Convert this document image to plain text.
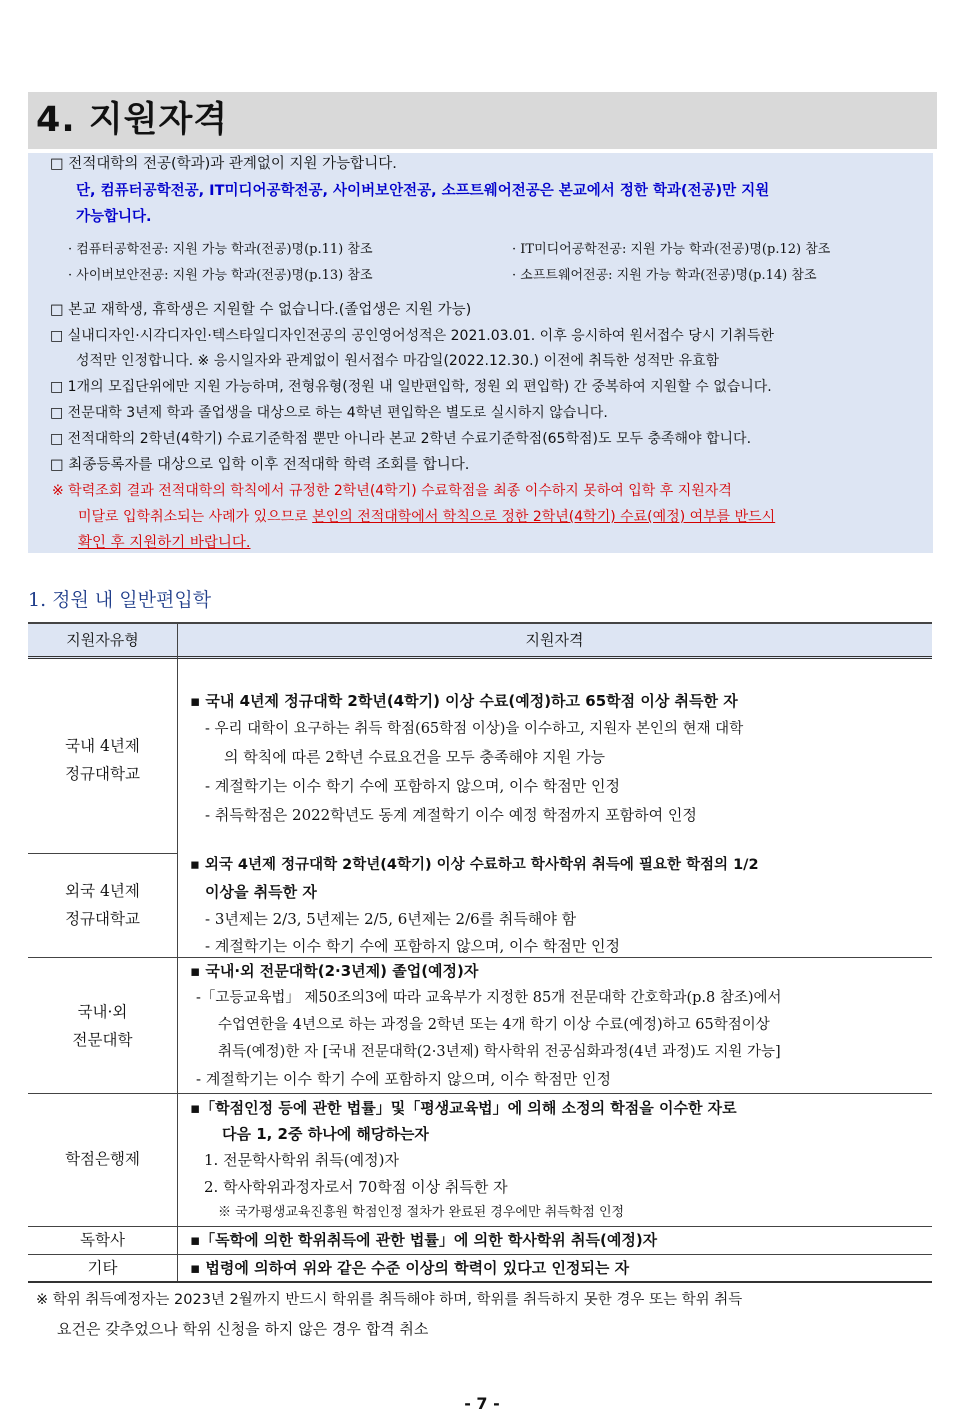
4. 지원자격
□ 전적대학의 전공(학과)과 관계없이 지원 가능합니다.
단, 컴퓨터공학전공, IT미디어공학전공, 사이버보안전공, 소프트웨어전공은 본교에서 정한 학과(전공)만 지원
가능합니다.
· 컴퓨터공학전공: 지원 가능 학과(전공)명(p.11) 참조	· IT미디어공학전공: 지원 가능 학과(전공)명(p.12) 참조
· 사이버보안전공: 지원 가능 학과(전공)명(p.13) 참조	· 소프트웨어전공: 지원 가능 학과(전공)명(p.14) 참조
□ 본교 재학생, 휴학생은 지원할 수 없습니다.(졸업생은 지원 가능)
□ 실내디자인·시각디자인·텍스타일디자인전공의 공인영어성적은 2021.03.01. 이후 응시하여 원서접수 당시 기취득한
성적만 인정합니다. ※ 응시일자와 관계없이 원서접수 마감일(2022.12.30.) 이전에 취득한 성적만 유효함
□ 1개의 모집단위에만 지원 가능하며, 전형유형(정원 내 일반편입학, 정원 외 편입학) 간 중복하여 지원할 수 없습니다.
□ 전문대학 3년제 학과 졸업생을 대상으로 하는 4학년 편입학은 별도로 실시하지 않습니다.
□ 전적대학의 2학년(4학기) 수료기준학점 뿐만 아니라 본교 2학년 수료기준학점(65학점)도 모두 충족해야 합니다.
□ 최종등록자를 대상으로 입학 이후 전적대학 학력 조회를 합니다.
※ 학력조회 결과 전적대학의 학칙에서 규정한 2학년(4학기) 수료학점을 최종 이수하지 못하여 입학 후 지원자격
미달로 입학취소되는 사례가 있으므로 본인의 전적대학에서 학칙으로 정한 2학년(4학기) 수료(예정) 여부를 반드시
확인 후 지원하기 바랍니다.
1. 정원 내 일반편입학
지원자유형	지원자격
국내 4년제
정규대학교
▪ 국내 4년제 정규대학 2학년(4학기) 이상 수료(예정)하고 65학점 이상 취득한 자
- 우리 대학이 요구하는 취득 학점(65학점 이상)을 이수하고, 지원자 본인의 현재 대학
의 학칙에 따른 2학년 수료요건을 모두 충족해야 지원 가능
- 계절학기는 이수 학기 수에 포함하지 않으며, 이수 학점만 인정
- 취득학점은 2022학년도 동계 계절학기 이수 예정 학점까지 포함하여 인정
외국 4년제
정규대학교
▪ 외국 4년제 정규대학 2학년(4학기) 이상 수료하고 학사학위 취득에 필요한 학점의 1/2
이상을 취득한 자
- 3년제는 2/3, 5년제는 2/5, 6년제는 2/6를 취득해야 함
- 계절학기는 이수 학기 수에 포함하지 않으며, 이수 학점만 인정
국내·외
전문대학
▪ 국내·외 전문대학(2·3년제) 졸업(예정)자
-「고등교육법」 제50조의3에 따라 교육부가 지정한 85개 전문대학 간호학과(p.8 참조)에서
수업연한을 4년으로 하는 과정을 2학년 또는 4개 학기 이상 수료(예정)하고 65학점이상
취득(예정)한 자 [국내 전문대학(2·3년제) 학사학위 전공심화과정(4년 과정)도 지원 가능]
- 계절학기는 이수 학기 수에 포함하지 않으며, 이수 학점만 인정
학점은행제
▪「학점인정 등에 관한 법률」및「평생교육법」에 의해 소정의 학점을 이수한 자로
다음 1, 2중 하나에 해당하는자
1. 전문학사학위 취득(예정)자
2. 학사학위과정자로서 70학점 이상 취득한 자
※ 국가평생교육진흥원 학점인정 절차가 완료된 경우에만 취득학점 인정
독학사	▪「독학에 의한 학위취득에 관한 법률」에 의한 학사학위 취득(예정)자
기타	▪ 법령에 의하여 위와 같은 수준 이상의 학력이 있다고 인정되는 자
※ 학위 취득예정자는 2023년 2월까지 반드시 학위를 취득해야 하며, 학위를 취득하지 못한 경우 또는 학위 취득
요건은 갖추었으나 학위 신청을 하지 않은 경우 합격 취소
- 7 -
